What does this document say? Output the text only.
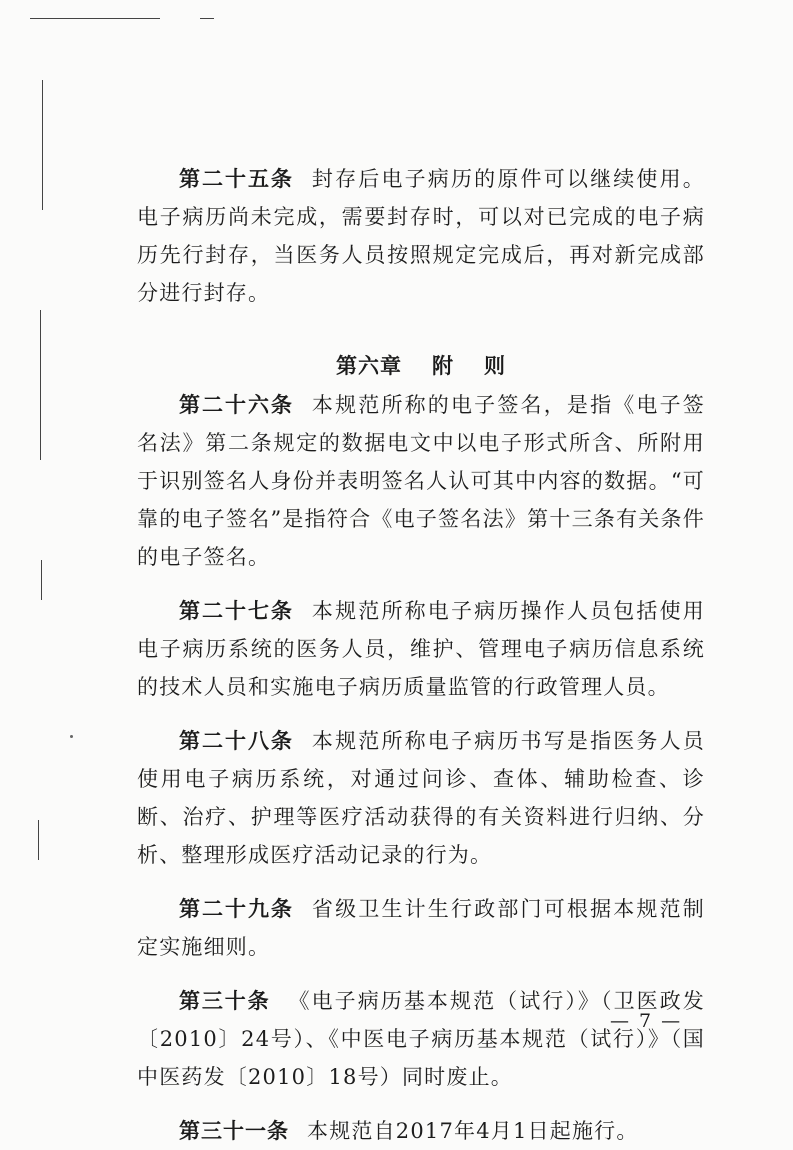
第二十五条 封存后电子病历的原件可以继续使用。电子病历尚未完成，需要封存时，可以对已完成的电子病历先行封存，当医务人员按照规定完成后，再对新完成部分进行封存。

第六章 附 则

第二十六条 本规范所称的电子签名，是指《电子签名法》第二条规定的数据电文中以电子形式所含、所附用于识别签名人身份并表明签名人认可其中内容的数据。“可靠的电子签名”是指符合《电子签名法》第十三条有关条件的电子签名。

第二十七条 本规范所称电子病历操作人员包括使用电子病历系统的医务人员，维护、管理电子病历信息系统的技术人员和实施电子病历质量监管的行政管理人员。

第二十八条 本规范所称电子病历书写是指医务人员使用电子病历系统，对通过问诊、查体、辅助检查、诊断、治疗、护理等医疗活动获得的有关资料进行归纳、分析、整理形成医疗活动记录的行为。

第二十九条 省级卫生计生行政部门可根据本规范制定实施细则。

第三十条 《电子病历基本规范（试行）》（卫医政发〔2010〕24号）、《中医电子病历基本规范（试行）》（国中医药发〔2010〕18号）同时废止。

第三十一条 本规范自2017年4月1日起施行。

— 7 —
